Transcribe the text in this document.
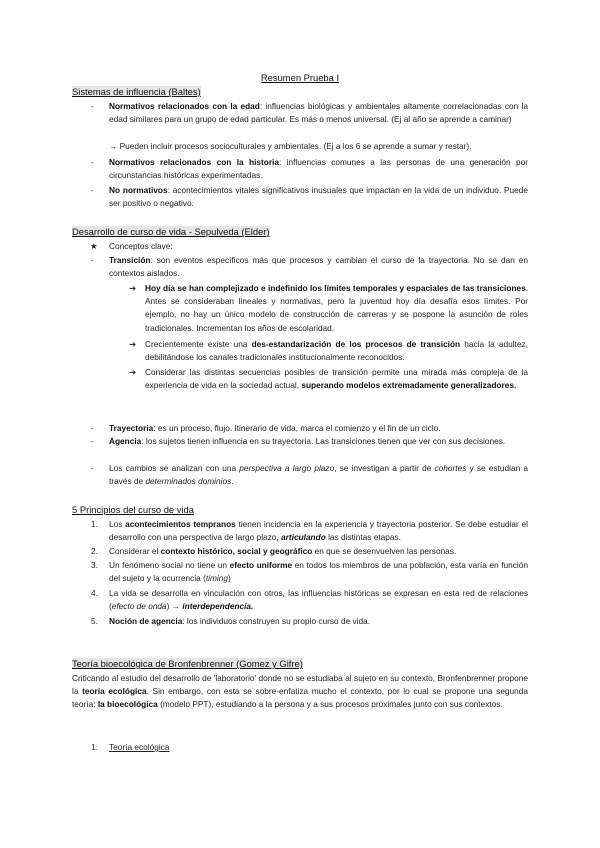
Resumen Prueba I
Sistemas de influencia (Baltes)
- Normativos relacionados con la edad: influencias biológicas y ambientales altamente correlacionadas con la edad similares para un grupo de edad particular. Es más o menos universal. (Ej al año se aprende a caminar)
→ Pueden incluir procesos socioculturales y ambientales. (Ej a los 6 se aprende a sumar y restar).
- Normativos relacionados con la historia: influencias comunes a las personas de una generación por circunstancias históricas experimentadas.
- No normativos: acontecimientos vitales significativos inusuales que impactan en la vida de un individuo. Puede ser positivo o negativo.
Desarrollo de curso de vida - Sepulveda (Elder)
★ Conceptos clave:
- Transición: son eventos específicos más que procesos y cambian el curso de la trayectoria. No se dan en contextos aislados.
➔ Hoy día se han complejizado e indefinido los límites temporales y espaciales de las transiciones. Antes se consideraban lineales y normativas, pero la juventud hoy día desafía esos límites. Por ejemplo, no hay un único modelo de construcción de carreras y se pospone la asunción de roles tradicionales. Incrementan los años de escolaridad.
➔ Crecientemente existe una des-estandarización de los procesos de transición hacia la adultez, debilitándose los canales tradicionales institucionalmente reconocidos.
➔ Considerar las distintas secuencias posibles de transición permite una mirada más compleja de la experiencia de vida en la sociedad actual, superando modelos extremadamente generalizadores.
- Trayectoria: es un proceso, flujo. Itinerario de vida, marca el comienzo y el fin de un ciclo.
- Agencia: los sujetos tienen influencia en su trayectoria. Las transiciones tienen que ver con sus decisiones.
- Los cambios se analizan con una perspectiva a largo plazo, se investigan a partir de cohortes y se estudian a través de determinados dominios.
5 Principios del curso de vida
1. Los acontecimientos tempranos tienen incidencia en la experiencia y trayectoria posterior. Se debe estudiar el desarrollo con una perspectiva de largo plazo, articulando las distintas etapas.
2. Considerar el contexto histórico, social y geográfico en que se desenvuelven las personas.
3. Un fenómeno social no tiene un efecto uniforme en todos los miembros de una población, esta varía en función del sujeto y la ocurrencia (timing)
4. La vida se desarrolla en vinculación con otros, las influencias históricas se expresan en esta red de relaciones (efecto de onda) → interdependencia.
5. Noción de agencia: los individuos construyen su propio curso de vida.
Teoría bioecológica de Bronfenbrenner (Gomez y Gifre)
Criticando al estudio del desarrollo de 'laboratorio' donde no se estudiaba al sujeto en su contexto, Bronfenbrenner propone la teoría ecológica. Sin embargo, con esta se sobre-enfatiza mucho el contexto, por lo cual se propone una segunda teoría: la bioecológica (modelo PPT), estudiando a la persona y a sus procesos proximales junto con sus contextos.
1. Teoría ecológica
